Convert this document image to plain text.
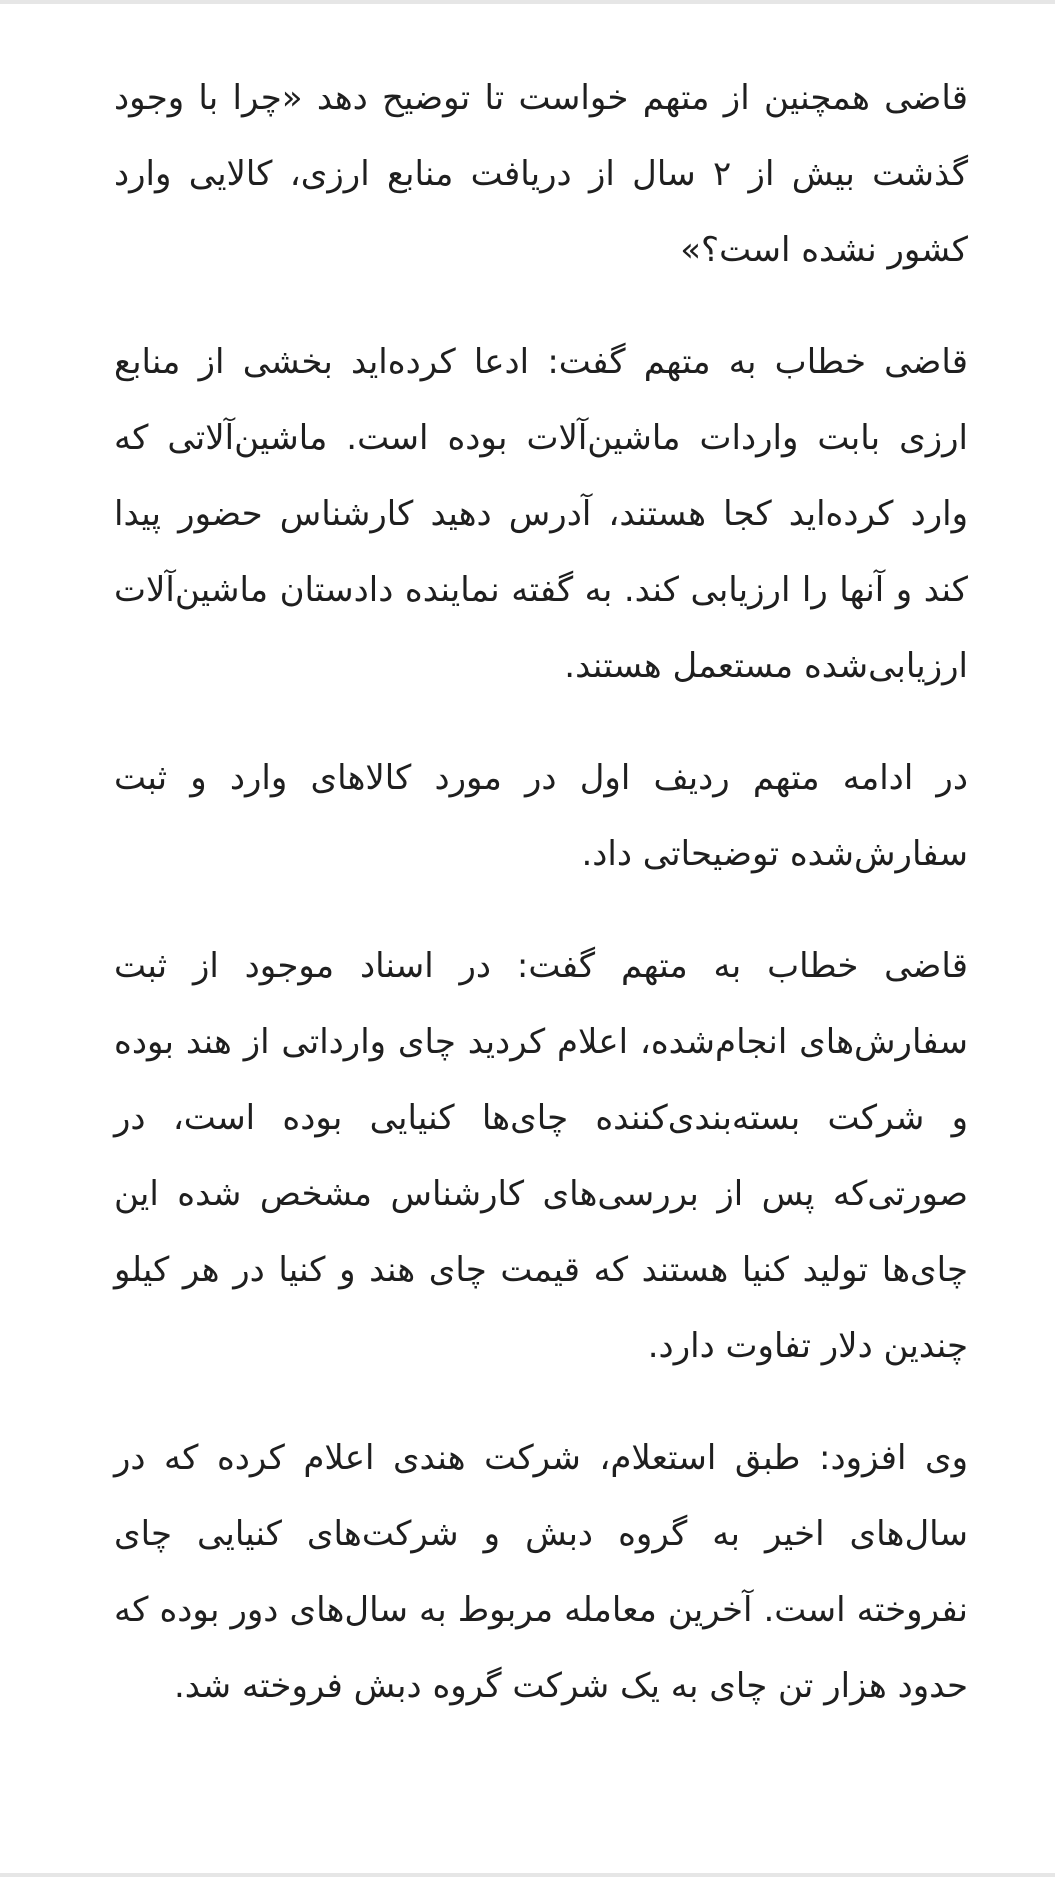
قاضی همچنین از متهم خواست تا توضیح دهد «چرا با وجود گذشت بیش از ۲ سال از دریافت منابع ارزی، کالایی وارد کشور نشده است؟»

قاضی خطاب به متهم گفت: ادعا کرده‌اید بخشی از منابع ارزی بابت واردات ماشین‌آلات بوده است. ماشین‌آلاتی که وارد کرده‌اید کجا هستند، آدرس دهید کارشناس حضور پیدا کند و آنها را ارزیابی کند. به گفته نماینده دادستان ماشین‌آلات ارزیابی‌شده مستعمل هستند.

در ادامه متهم ردیف اول در مورد کالاهای وارد و ثبت سفارش‌شده توضیحاتی داد.

قاضی خطاب به متهم گفت: در اسناد موجود از ثبت سفارش‌های انجام‌شده، اعلام کردید چای وارداتی از هند بوده و شرکت بسته‌بندی‌کننده چای‌ها کنیایی بوده است، در صورتی‌که پس از بررسی‌های کارشناس مشخص شده این چای‌ها تولید کنیا هستند که قیمت چای هند و کنیا در هر کیلو چندین دلار تفاوت دارد.

وی افزود: طبق استعلام، شرکت هندی اعلام کرده که در سال‌های اخیر به گروه دبش و شرکت‌های کنیایی چای نفروخته است. آخرین معامله مربوط به سال‌های دور بوده که حدود هزار تن چای به یک شرکت گروه دبش فروخته شد.
